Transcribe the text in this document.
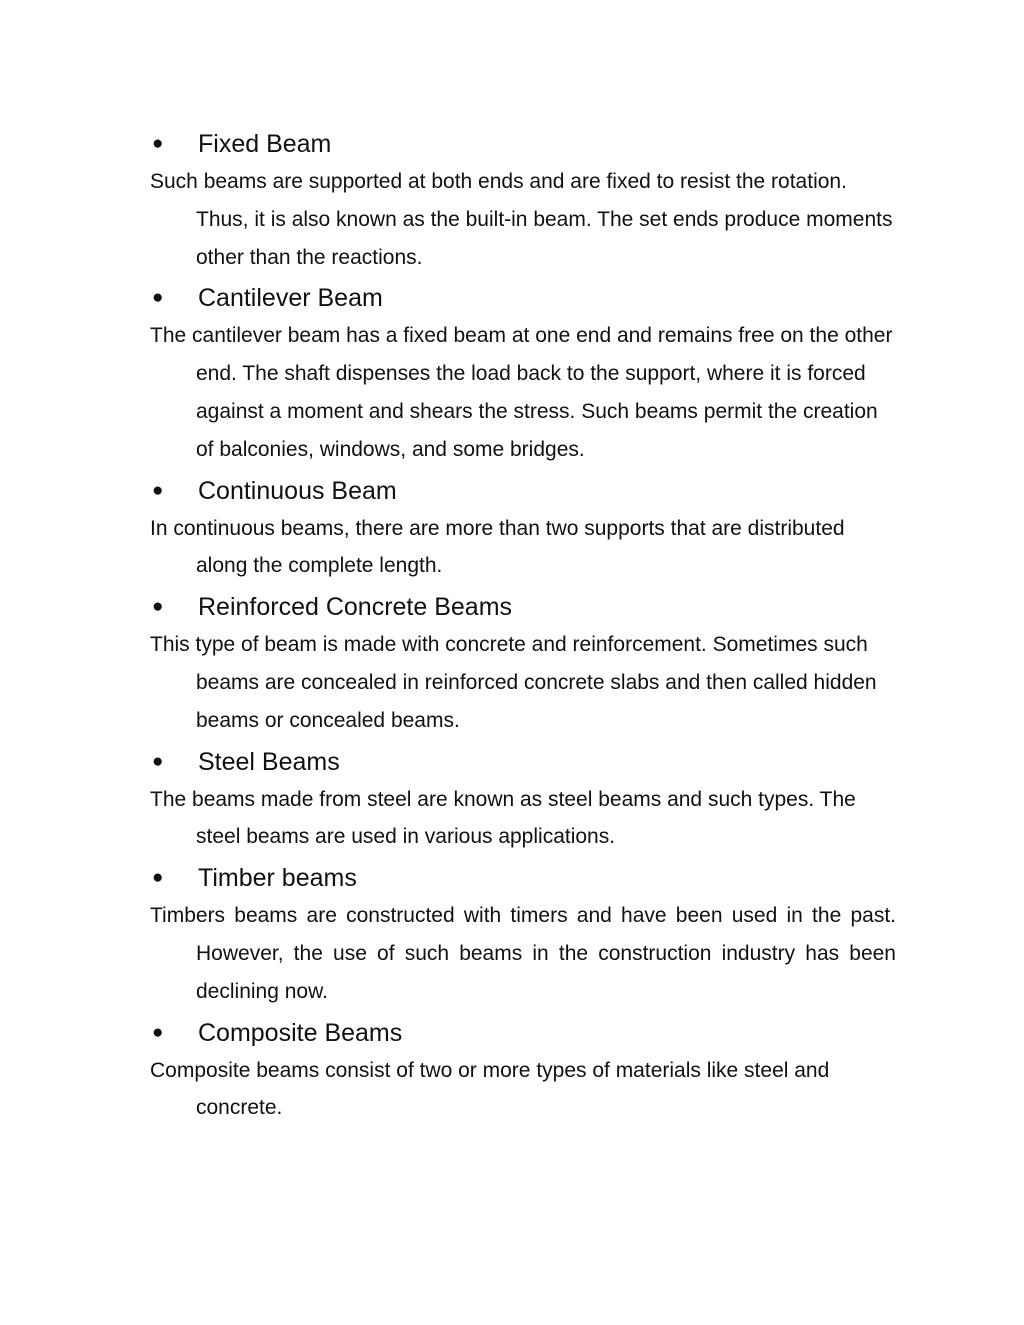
●	Fixed Beam

Such beams are supported at both ends and are fixed to resist the rotation. Thus, it is also known as the built-in beam. The set ends produce moments other than the reactions.

●	Cantilever Beam

The cantilever beam has a fixed beam at one end and remains free on the other end. The shaft dispenses the load back to the support, where it is forced against a moment and shears the stress. Such beams permit the creation of balconies, windows, and some bridges.

●	Continuous Beam

In continuous beams, there are more than two supports that are distributed along the complete length.

●	Reinforced Concrete Beams

This type of beam is made with concrete and reinforcement. Sometimes such beams are concealed in reinforced concrete slabs and then called hidden beams or concealed beams.

●	Steel Beams

The beams made from steel are known as steel beams and such types. The steel beams are used in various applications.

●	Timber beams

Timbers beams are constructed with timers and have been used in the past. However, the use of such beams in the construction industry has been declining now.

●	Composite Beams

Composite beams consist of two or more types of materials like steel and concrete.
